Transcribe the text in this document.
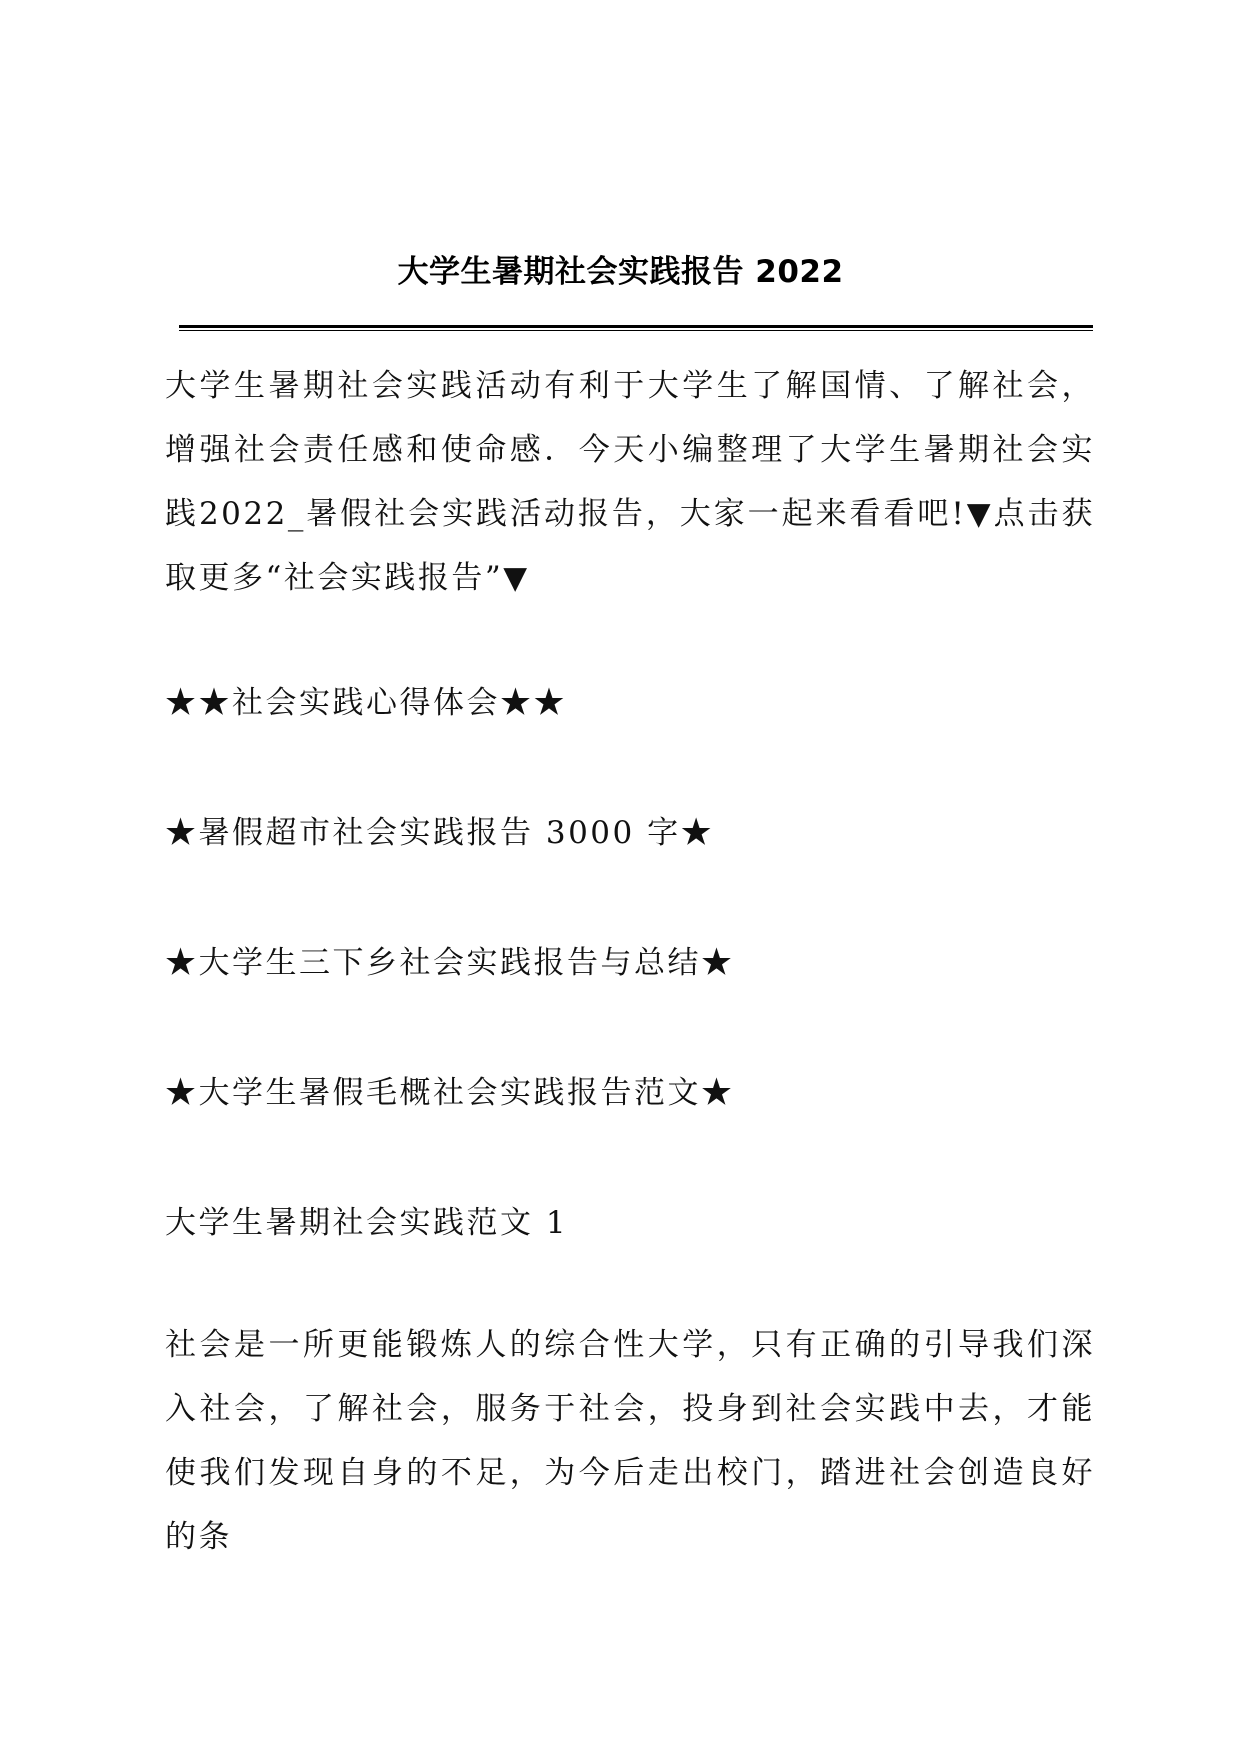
大学生暑期社会实践报告 2022

大学生暑期社会实践活动有利于大学生了解国情、了解社会，增强社会责任感和使命感．今天小编整理了大学生暑期社会实践2022_暑假社会实践活动报告，大家一起来看看吧!▼点击获取更多“社会实践报告”▼

★★社会实践心得体会★★

★暑假超市社会实践报告 3000 字★

★大学生三下乡社会实践报告与总结★

★大学生暑假毛概社会实践报告范文★

大学生暑期社会实践范文 1

社会是一所更能锻炼人的综合性大学，只有正确的引导我们深入社会，了解社会，服务于社会，投身到社会实践中去，才能使我们发现自身的不足，为今后走出校门，踏进社会创造良好的条
